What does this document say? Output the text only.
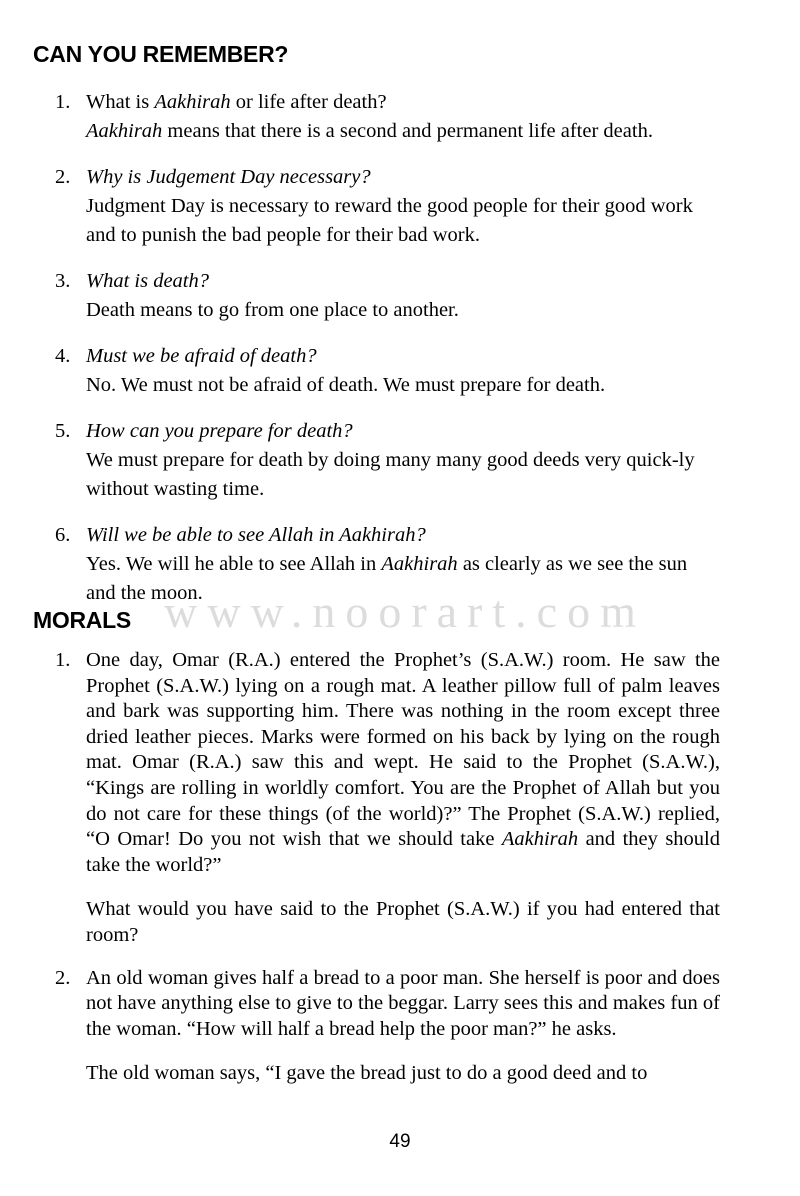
www.noorart.com
CAN YOU REMEMBER?
1. What is Aakhirah or life after death?
Aakhirah means that there is a second and permanent life after death.
2. Why is Judgement Day necessary?
Judgment Day is necessary to reward the good people for their good work and to punish the bad people for their bad work.
3. What is death?
Death means to go from one place to another.
4. Must we be afraid of death?
No. We must not be afraid of death. We must prepare for death.
5. How can you prepare for death?
We must prepare for death by doing many many good deeds very quick-ly without wasting time.
6. Will we be able to see Allah in Aakhirah?
Yes. We will he able to see Allah in Aakhirah as clearly as we see the sun and the moon.
MORALS
1. One day, Omar (R.A.) entered the Prophet’s (S.A.W.) room. He saw the Prophet (S.A.W.) lying on a rough mat. A leather pillow full of palm leaves and bark was supporting him. There was nothing in the room except three dried leather pieces. Marks were formed on his back by lying on the rough mat. Omar (R.A.) saw this and wept. He said to the Prophet (S.A.W.), “Kings are rolling in worldly comfort. You are the Prophet of Allah but you do not care for these things (of the world)?” The Prophet (S.A.W.) replied, “O Omar! Do you not wish that we should take Aakhirah and they should take the world?”

What would you have said to the Prophet (S.A.W.) if you had entered that room?

2. An old woman gives half a bread to a poor man. She herself is poor and does not have anything else to give to the beggar. Larry sees this and makes fun of the woman. “How will half a bread help the poor man?” he asks.

The old woman says, “I gave the bread just to do a good deed and to

49
